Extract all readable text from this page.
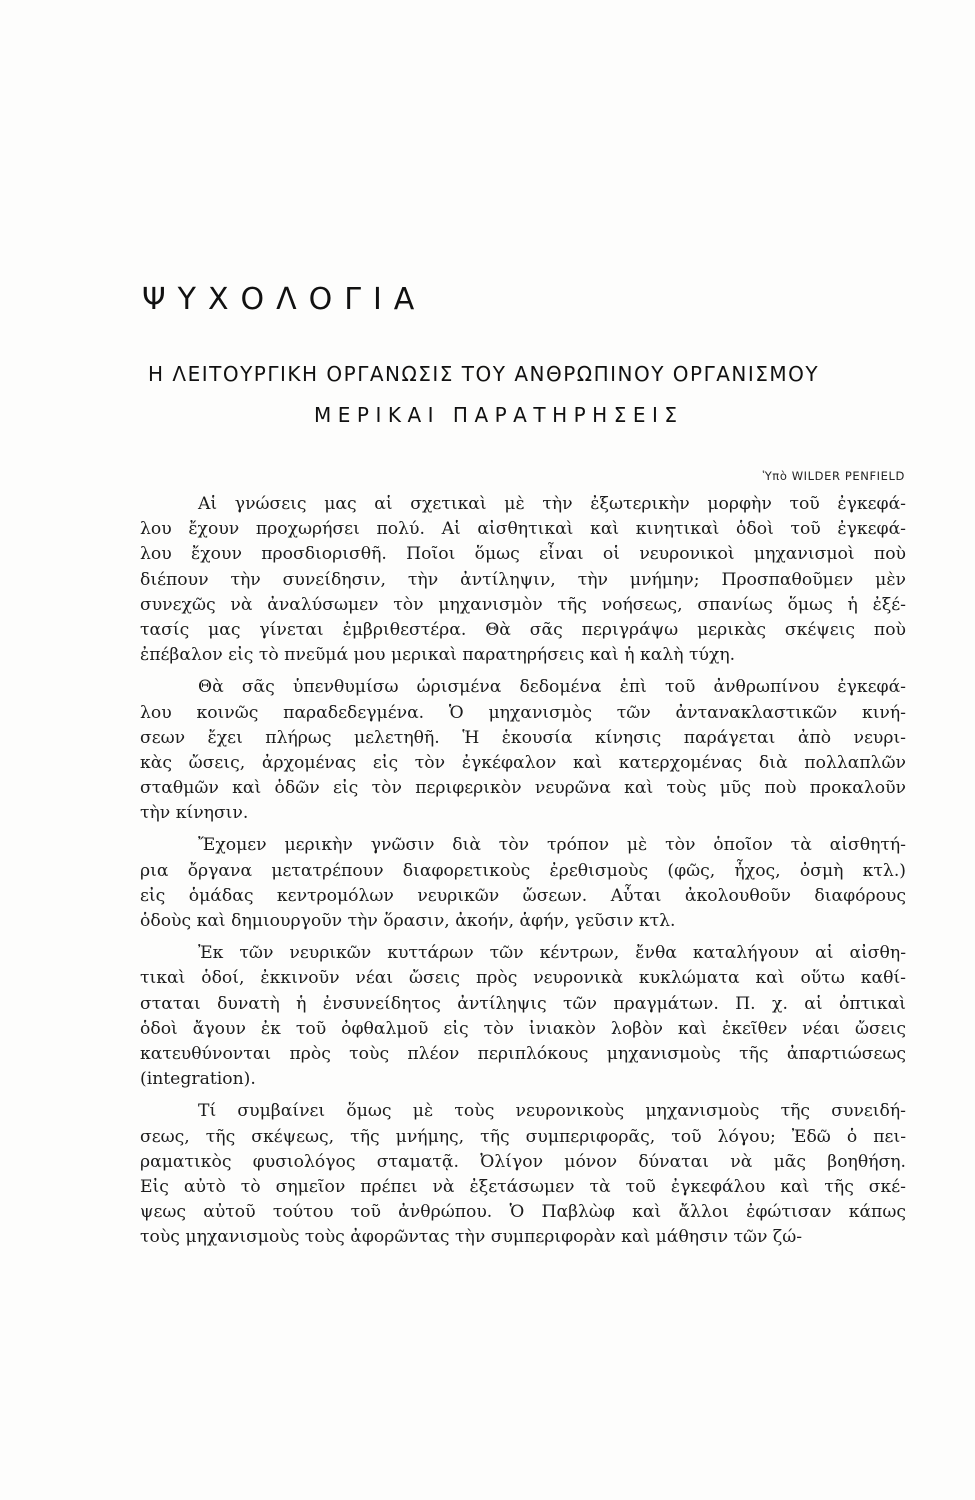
ΨΥΧΟΛΟΓΙΑ
Η ΛΕΙΤΟΥΡΓΙΚΗ ΟΡΓΑΝΩΣΙΣ ΤΟΥ ΑΝΘΡΩΠΙΝΟΥ ΟΡΓΑΝΙΣΜΟΥ
ΜΕΡΙΚΑΙ ΠΑΡΑΤΗΡΗΣΕΙΣ
Ὑπὸ WILDER PENFIELD
Αἱ γνώσεις μας αἱ σχετικαὶ μὲ τὴν ἐξωτερικὴν μορφὴν τοῦ ἐγκεφά-
λου ἔχουν προχωρήσει πολύ. Αἱ αἰσθητικαὶ καὶ κινητικαὶ ὁδοὶ τοῦ ἐγκεφά-
λου ἔχουν προσδιορισθῆ. Ποῖοι ὅμως εἶναι οἱ νευρονικοὶ μηχανισμοὶ ποὺ
διέπουν τὴν συνείδησιν, τὴν ἀντίληψιν, τὴν μνήμην; Προσπαθοῦμεν μὲν
συνεχῶς νὰ ἀναλύσωμεν τὸν μηχανισμὸν τῆς νοήσεως, σπανίως ὅμως ἡ ἐξέ-
τασίς μας γίνεται ἐμβριθεστέρα. Θὰ σᾶς περιγράψω μερικὰς σκέψεις ποὺ
ἐπέβαλον εἰς τὸ πνεῦμά μου μερικαὶ παρατηρήσεις καὶ ἡ καλὴ τύχη.
Θὰ σᾶς ὑπενθυμίσω ὡρισμένα δεδομένα ἐπὶ τοῦ ἀνθρωπίνου ἐγκεφά-
λου κοινῶς παραδεδεγμένα. Ὁ μηχανισμὸς τῶν ἀντανακλαστικῶν κινή-
σεων ἔχει πλήρως μελετηθῆ. Ἡ ἑκουσία κίνησις παράγεται ἀπὸ νευρι-
κὰς ὤσεις, ἀρχομένας εἰς τὸν ἐγκέφαλον καὶ κατερχομένας διὰ πολλαπλῶν
σταθμῶν καὶ ὁδῶν εἰς τὸν περιφερικὸν νευρῶνα καὶ τοὺς μῦς ποὺ προκαλοῦν
τὴν κίνησιν.
Ἔχομεν μερικὴν γνῶσιν διὰ τὸν τρόπον μὲ τὸν ὁποῖον τὰ αἰσθητή-
ρια ὄργανα μετατρέπουν διαφορετικοὺς ἐρεθισμοὺς (φῶς, ἦχος, ὀσμὴ κτλ.)
εἰς ὁμάδας κεντρομόλων νευρικῶν ὤσεων. Αὗται ἀκολουθοῦν διαφόρους
ὁδοὺς καὶ δημιουργοῦν τὴν ὅρασιν, ἀκοήν, ἁφήν, γεῦσιν κτλ.
Ἐκ τῶν νευρικῶν κυττάρων τῶν κέντρων, ἔνθα καταλήγουν αἱ αἰσθη-
τικαὶ ὁδοί, ἐκκινοῦν νέαι ὤσεις πρὸς νευρονικὰ κυκλώματα καὶ οὕτω καθί-
σταται δυνατὴ ἡ ἐνσυνείδητος ἀντίληψις τῶν πραγμάτων. Π. χ. αἱ ὀπτικαὶ
ὁδοὶ ἄγουν ἐκ τοῦ ὀφθαλμοῦ εἰς τὸν ἰνιακὸν λοβὸν καὶ ἐκεῖθεν νέαι ὤσεις
κατευθύνονται πρὸς τοὺς πλέον περιπλόκους μηχανισμοὺς τῆς ἀπαρτιώσεως
(integration).
Τί συμβαίνει ὅμως μὲ τοὺς νευρονικοὺς μηχανισμοὺς τῆς συνειδή-
σεως, τῆς σκέψεως, τῆς μνήμης, τῆς συμπεριφορᾶς, τοῦ λόγου; Ἐδῶ ὁ πει-
ραματικὸς φυσιολόγος σταματᾷ. Ὀλίγον μόνον δύναται νὰ μᾶς βοηθήση.
Εἰς αὐτὸ τὸ σημεῖον πρέπει νὰ ἐξετάσωμεν τὰ τοῦ ἐγκεφάλου καὶ τῆς σκέ-
ψεως αὐτοῦ τούτου τοῦ ἀνθρώπου. Ὁ Παβλὼφ καὶ ἄλλοι ἐφώτισαν κάπως
τοὺς μηχανισμοὺς τοὺς ἀφορῶντας τὴν συμπεριφορὰν καὶ μάθησιν τῶν ζώ-
